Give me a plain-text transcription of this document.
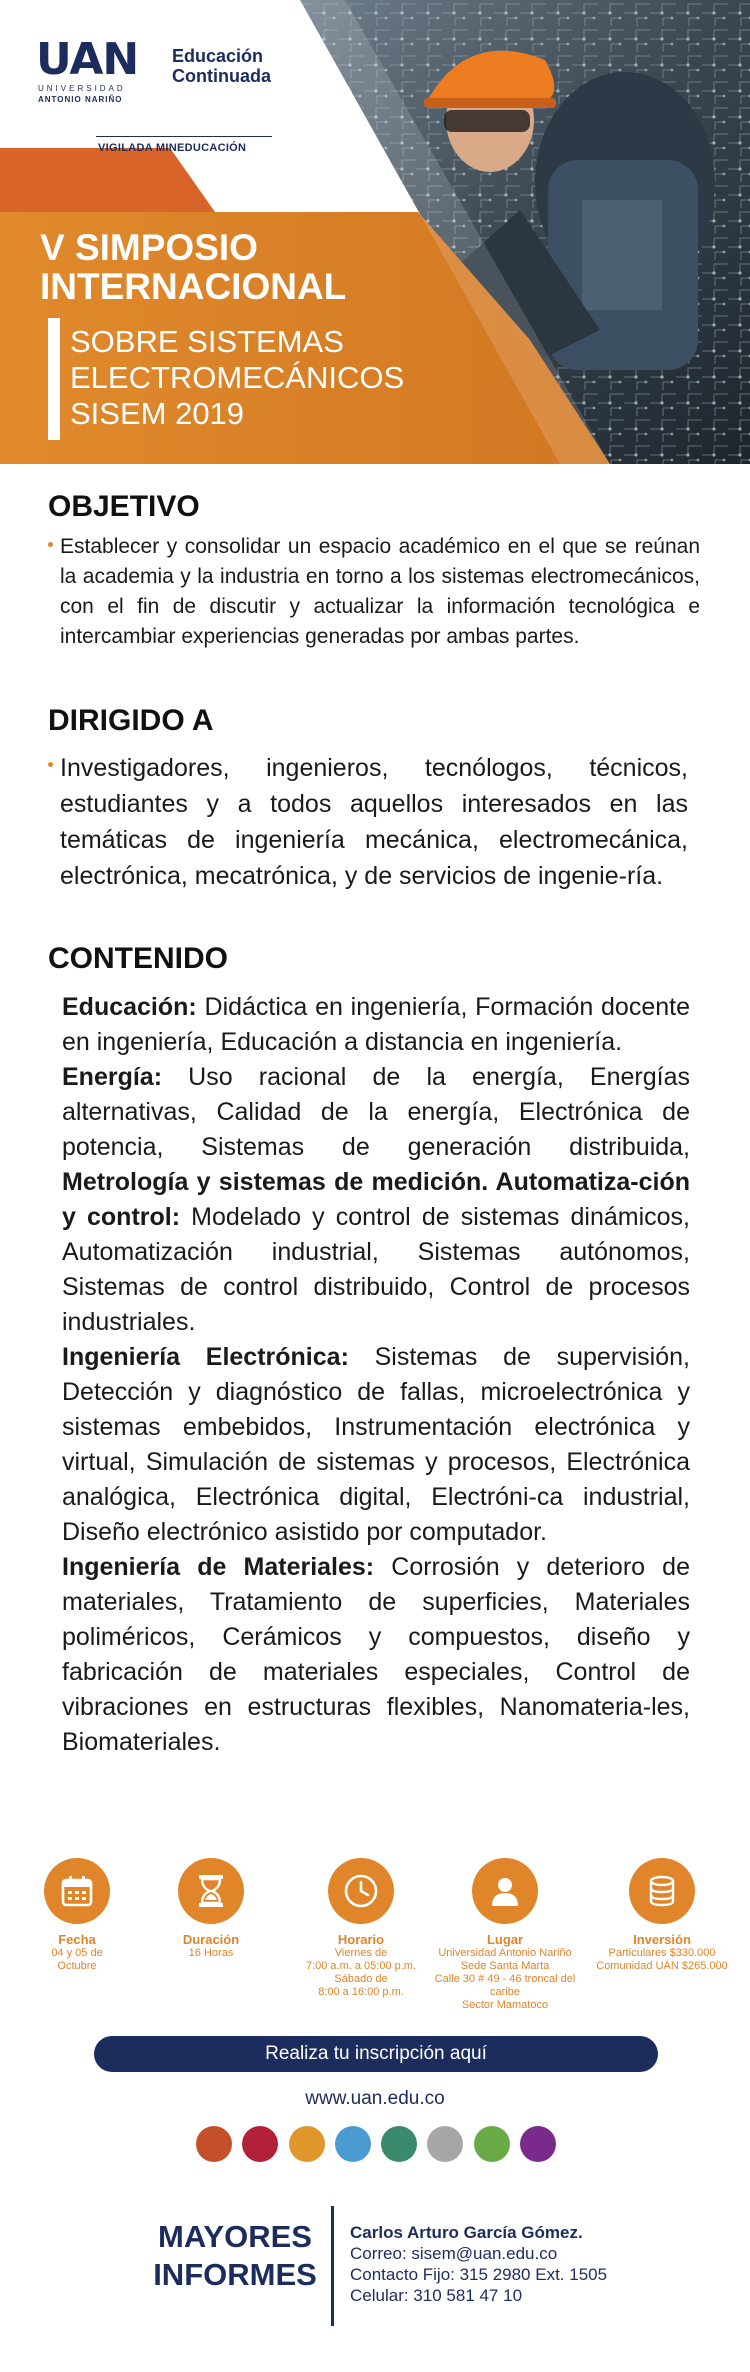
UAN
UNIVERSIDAD
ANTONIO NARIÑO
Educación
Continuada
VIGILADA MINEDUCACIÓN
V SIMPOSIO
INTERNACIONAL
SOBRE SISTEMAS
ELECTROMECÁNICOS
SISEM 2019
OBJETIVO
Establecer y consolidar un espacio académico en el que se reúnan la academia y la industria en torno a los sistemas electromecánicos, con el fin de discutir y actualizar la información tecnológica e intercambiar experiencias generadas por ambas partes.
DIRIGIDO A
Investigadores, ingenieros, tecnólogos, técnicos, estudiantes y a todos aquellos interesados en las temáticas de ingeniería mecánica, electromecánica, electrónica, mecatrónica, y de servicios de ingenie-ría.
CONTENIDO
Educación: Didáctica en ingeniería, Formación docente en ingeniería, Educación a distancia en ingeniería.
Energía: Uso racional de la energía, Energías alternativas, Calidad de la energía, Electrónica de potencia, Sistemas de generación distribuida, Metrología y sistemas de medición. Automatiza-ción y control: Modelado y control de sistemas dinámicos, Automatización industrial, Sistemas autónomos, Sistemas de control distribuido, Control de procesos industriales.
Ingeniería Electrónica: Sistemas de supervisión, Detección y diagnóstico de fallas, microelectrónica y sistemas embebidos, Instrumentación electrónica y virtual, Simulación de sistemas y procesos, Electrónica analógica, Electrónica digital, Electróni-ca industrial, Diseño electrónico asistido por computador.
Ingeniería de Materiales: Corrosión y deterioro de materiales, Tratamiento de superficies, Materiales poliméricos, Cerámicos y compuestos, diseño y fabricación de materiales especiales, Control de vibraciones en estructuras flexibles, Nanomateria-les, Biomateriales.
Fecha
04 y 05 de
Octubre
Duración
16 Horas
Horario
Viernes de
7:00 a.m. a 05:00 p.m.
Sábado de
8:00 a 16:00 p.m.
Lugar
Universidad Antonio Nariño
Sede Santa Marta
Calle 30 # 49 - 46 troncal del caribe
Sector Mamatoco
Inversión
Particulares $330.000
Comunidad UAN $265.000
Realiza tu inscripción aquí
www.uan.edu.co
MAYORES
INFORMES
Carlos Arturo García Gómez.
Correo: sisem@uan.edu.co
Contacto Fijo: 315 2980 Ext. 1505
Celular: 310 581 47 10
